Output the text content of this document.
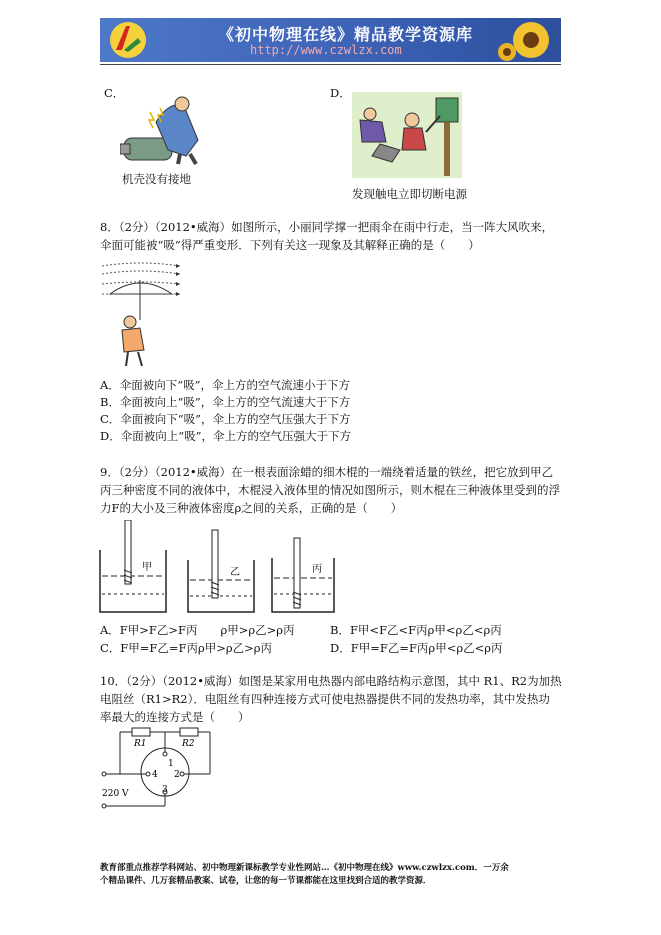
《初中物理在线》精品教学资源库
http://www.czwlzx.com
C．
机壳没有接地
D．
发现触电立即切断电源
8．（2分）（2012•威海）如图所示，小丽同学撑一把雨伞在雨中行走，当一阵大风吹来，
伞面可能被“吸”得严重变形．下列有关这一现象及其解释正确的是（　　）
A．伞面被向下“吸”，伞上方的空气流速小于下方
B．伞面被向上“吸”，伞上方的空气流速大于下方
C．伞面被向下“吸”，伞上方的空气压强大于下方
D．伞面被向上“吸”，伞上方的空气压强大于下方
9．（2分）（2012•威海）在一根表面涂蜡的细木棍的一端绕着适量的铁丝，把它放到甲乙
丙三种密度不同的液体中，木棍浸入液体里的情况如图所示，则木棍在三种液体里受到的浮
力F的大小及三种液体密度ρ之间的关系，正确的是（　　）
甲	乙	丙
A．F甲>F乙>F丙　　ρ甲>ρ乙>ρ丙	B．F甲<F乙<F丙ρ甲<ρ乙<ρ丙
C．F甲=F乙=F丙ρ甲>ρ乙>ρ丙	D．F甲=F乙=F丙ρ甲<ρ乙<ρ丙
10．（2分）（2012•威海）如图是某家用电热器内部电路结构示意图，其中 R1、R2为加热
电阻丝（R1>R2）．电阻丝有四种连接方式可使电热器提供不同的发热功率，其中发热功
率最大的连接方式是（　　）
R1	R2
1
2
3
4
220 V
教育部重点推荐学科网站、初中物理新课标教学专业性网站…《初中物理在线》www.czwlzx.com．一万余
个精品课件、几万套精品教案、试卷，让您的每一节课都能在这里找到合适的教学资源．
